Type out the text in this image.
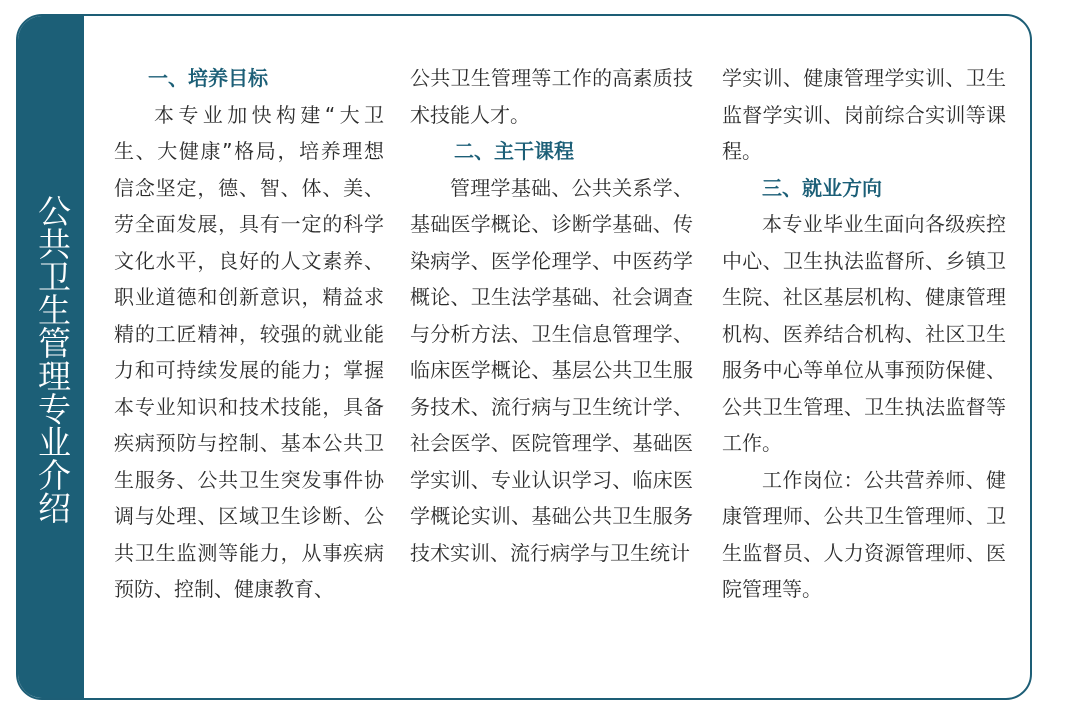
公共卫生管理专业介绍
一、培养目标

本专业加快构建“大卫生、大健康”格局，培养理想信念坚定，德、智、体、美、劳全面发展，具有一定的科学文化水平，良好的人文素养、职业道德和创新意识，精益求精的工匠精神，较强的就业能力和可持续发展的能力；掌握本专业知识和技术技能，具备疾病预防与控制、基本公共卫生服务、公共卫生突发事件协调与处理、区域卫生诊断、公共卫生监测等能力，从事疾病预防、控制、健康教育、

公共卫生管理等工作的高素质技术技能人才。

二、主干课程

管理学基础、公共关系学、基础医学概论、诊断学基础、传染病学、医学伦理学、中医药学概论、卫生法学基础、社会调查与分析方法、卫生信息管理学、临床医学概论、基层公共卫生服务技术、流行病与卫生统计学、社会医学、医院管理学、基础医学实训、专业认识学习、临床医学概论实训、基础公共卫生服务技术实训、流行病学与卫生统计

学实训、健康管理学实训、卫生监督学实训、岗前综合实训等课程。

三、就业方向

本专业毕业生面向各级疾控中心、卫生执法监督所、乡镇卫生院、社区基层机构、健康管理机构、医养结合机构、社区卫生服务中心等单位从事预防保健、公共卫生管理、卫生执法监督等工作。

工作岗位：公共营养师、健康管理师、公共卫生管理师、卫生监督员、人力资源管理师、医院管理等。
